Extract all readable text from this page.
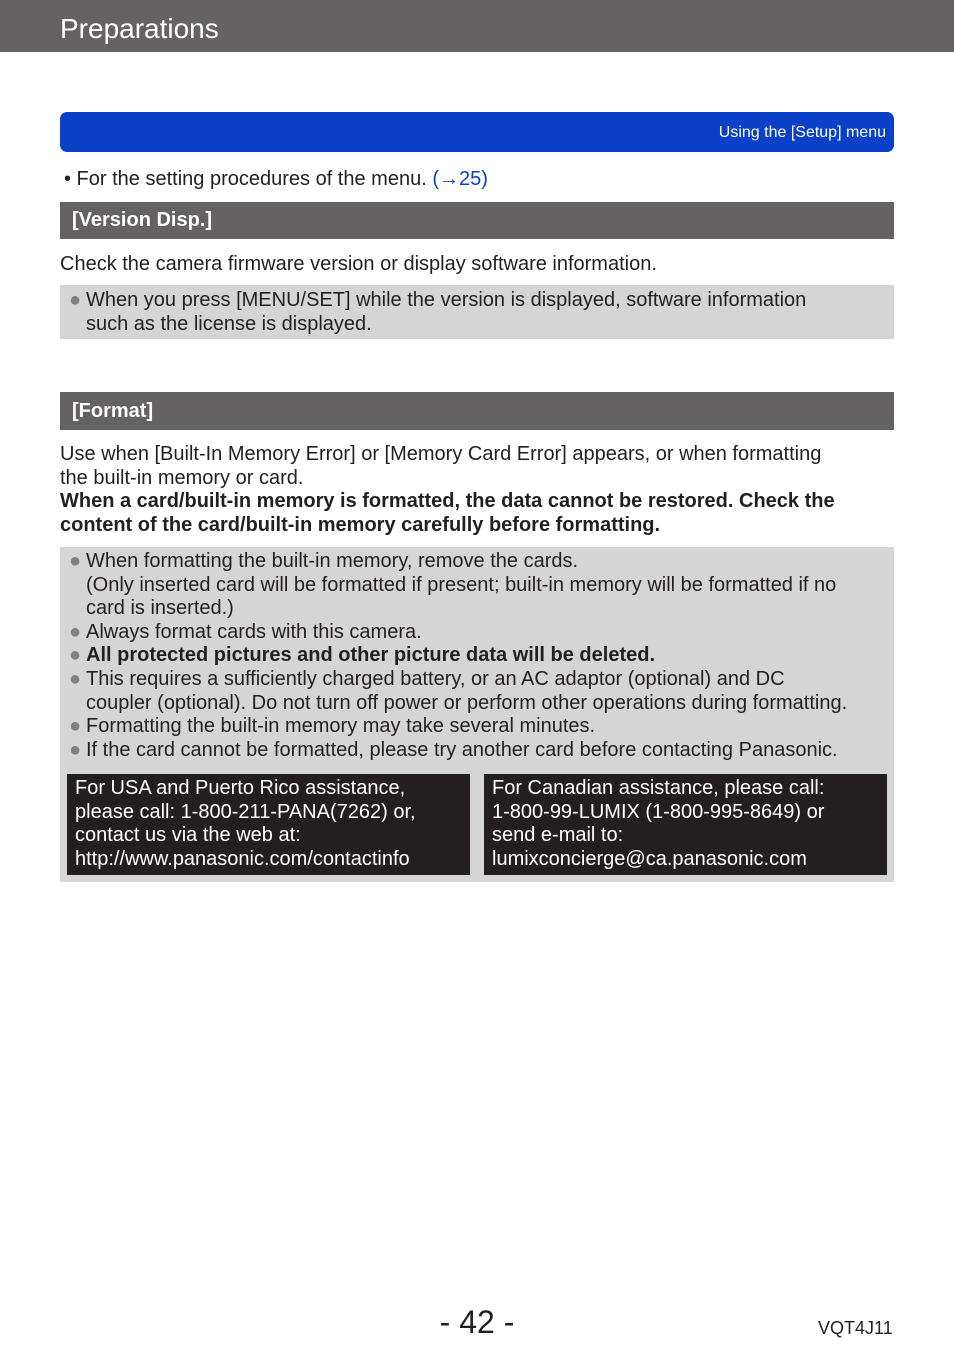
Preparations
Using the [Setup] menu
• For the setting procedures of the menu. (→25)
[Version Disp.]

Check the camera firmware version or display software information.

● When you press [MENU/SET] while the version is displayed, software information
such as the license is displayed.
[Format]
Use when [Built-In Memory Error] or [Memory Card Error] appears, or when formatting
the built-in memory or card.
When a card/built-in memory is formatted, the data cannot be restored. Check the
content of the card/built-in memory carefully before formatting.
● When formatting the built-in memory, remove the cards.
(Only inserted card will be formatted if present; built-in memory will be formatted if no
card is inserted.)
● Always format cards with this camera.
● All protected pictures and other picture data will be deleted.
● This requires a sufficiently charged battery, or an AC adaptor (optional) and DC
coupler (optional). Do not turn off power or perform other operations during formatting.
● Formatting the built-in memory may take several minutes.
● If the card cannot be formatted, please try another card before contacting Panasonic.
For USA and Puerto Rico assistance,
please call: 1-800-211-PANA(7262) or,
contact us via the web at:
http://www.panasonic.com/contactinfo
For Canadian assistance, please call:
1-800-99-LUMIX (1-800-995-8649) or
send e-mail to:
lumixconcierge@ca.panasonic.com
- 42 -	VQT4J11
